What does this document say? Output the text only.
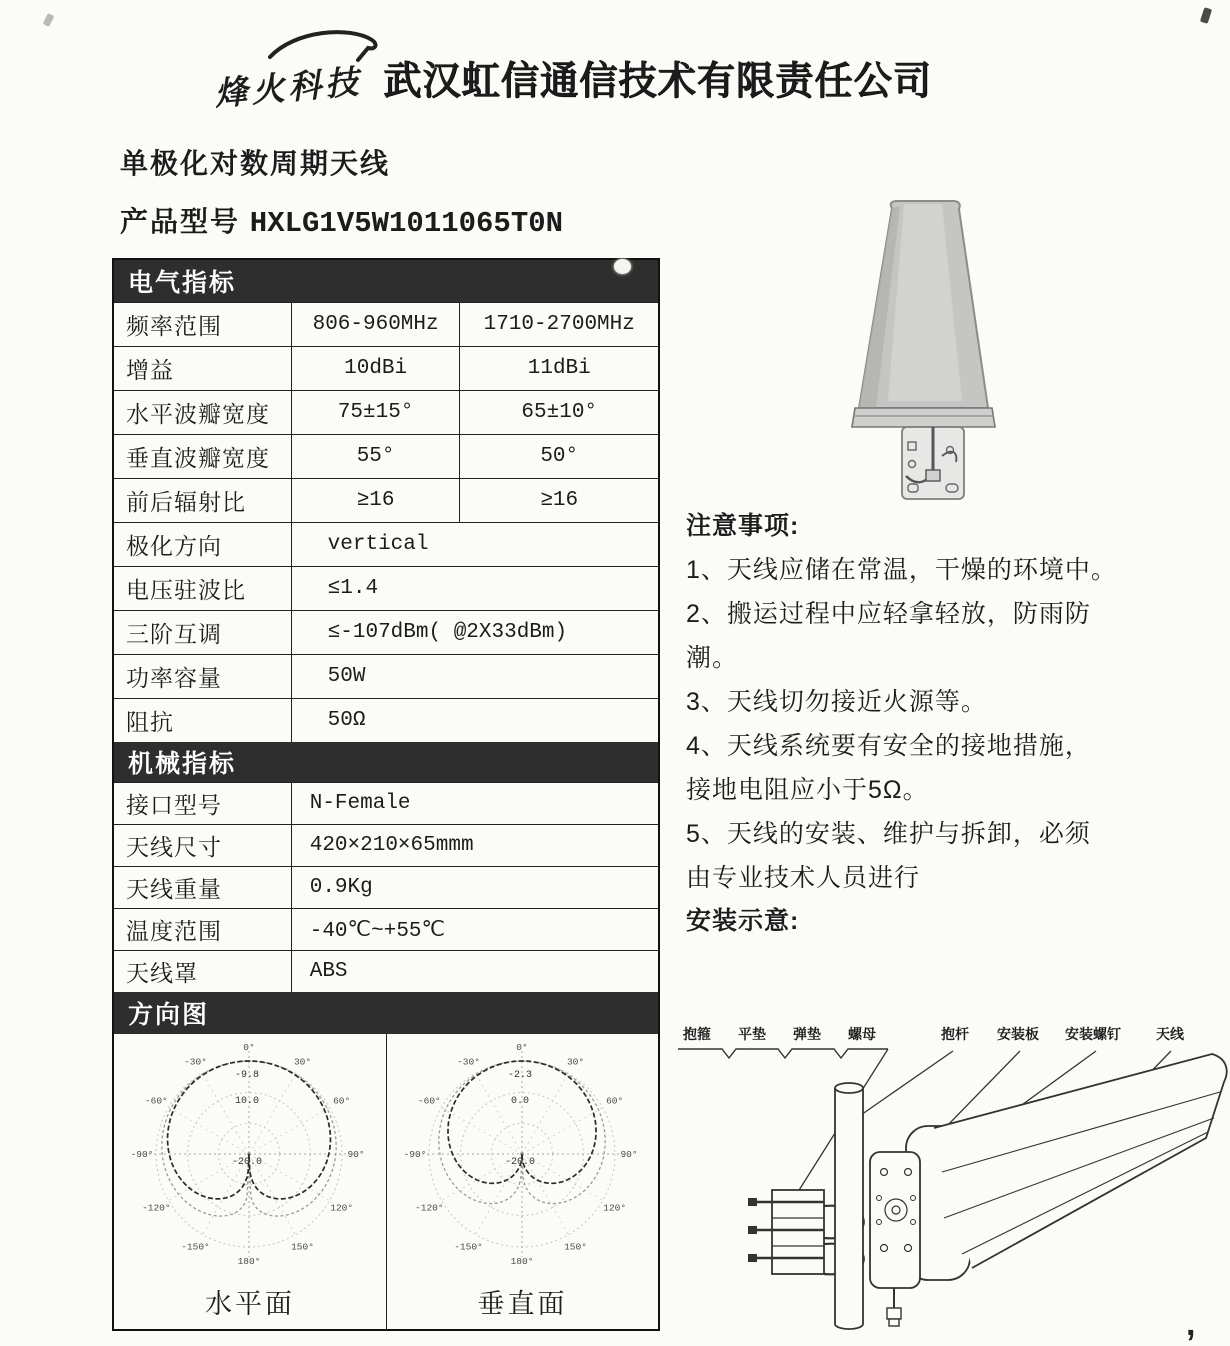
,
烽火科技 武汉虹信通信技术有限责任公司
单极化对数周期天线
产品型号 HXLG1V5W1011065T0N
电气指标
频率范围	806-960MHz	1710-2700MHz
增益	10dBi	11dBi
水平波瓣宽度	75±15°	65±10°
垂直波瓣宽度	55°	50°
前后辐射比	≥16	≥16
极化方向	vertical
电压驻波比	≤1.4
三阶互调	≤-107dBm( @2X33dBm)
功率容量	50W
阻抗	50Ω
机械指标
接口型号	N-Female
天线尺寸	420×210×65mmm
天线重量	0.9Kg
温度范围	-40℃~+55℃
天线罩	ABS
方向图
0°
30°
60°
90°
120°
150°
180°
-150°
-120°
-90°
-60°
-30°
-9.8
10.0
-20.0
水平面
0°
30°
60°
90°
120°
150°
180°
-150°
-120°
-90°
-60°
-30°
-2.3
0.0
-20.0
垂直面
注意事项:
1、天线应储在常温，干燥的环境中。
2、搬运过程中应轻拿轻放，防雨防
潮。
3、天线切勿接近火源等。
4、天线系统要有安全的接地措施，
接地电阻应小于5Ω。
5、天线的安装、维护与拆卸，必须
由专业技术人员进行
安装示意:
抱箍 平垫 弹垫 螺母	抱杆 安装板 安装螺钉	天线
